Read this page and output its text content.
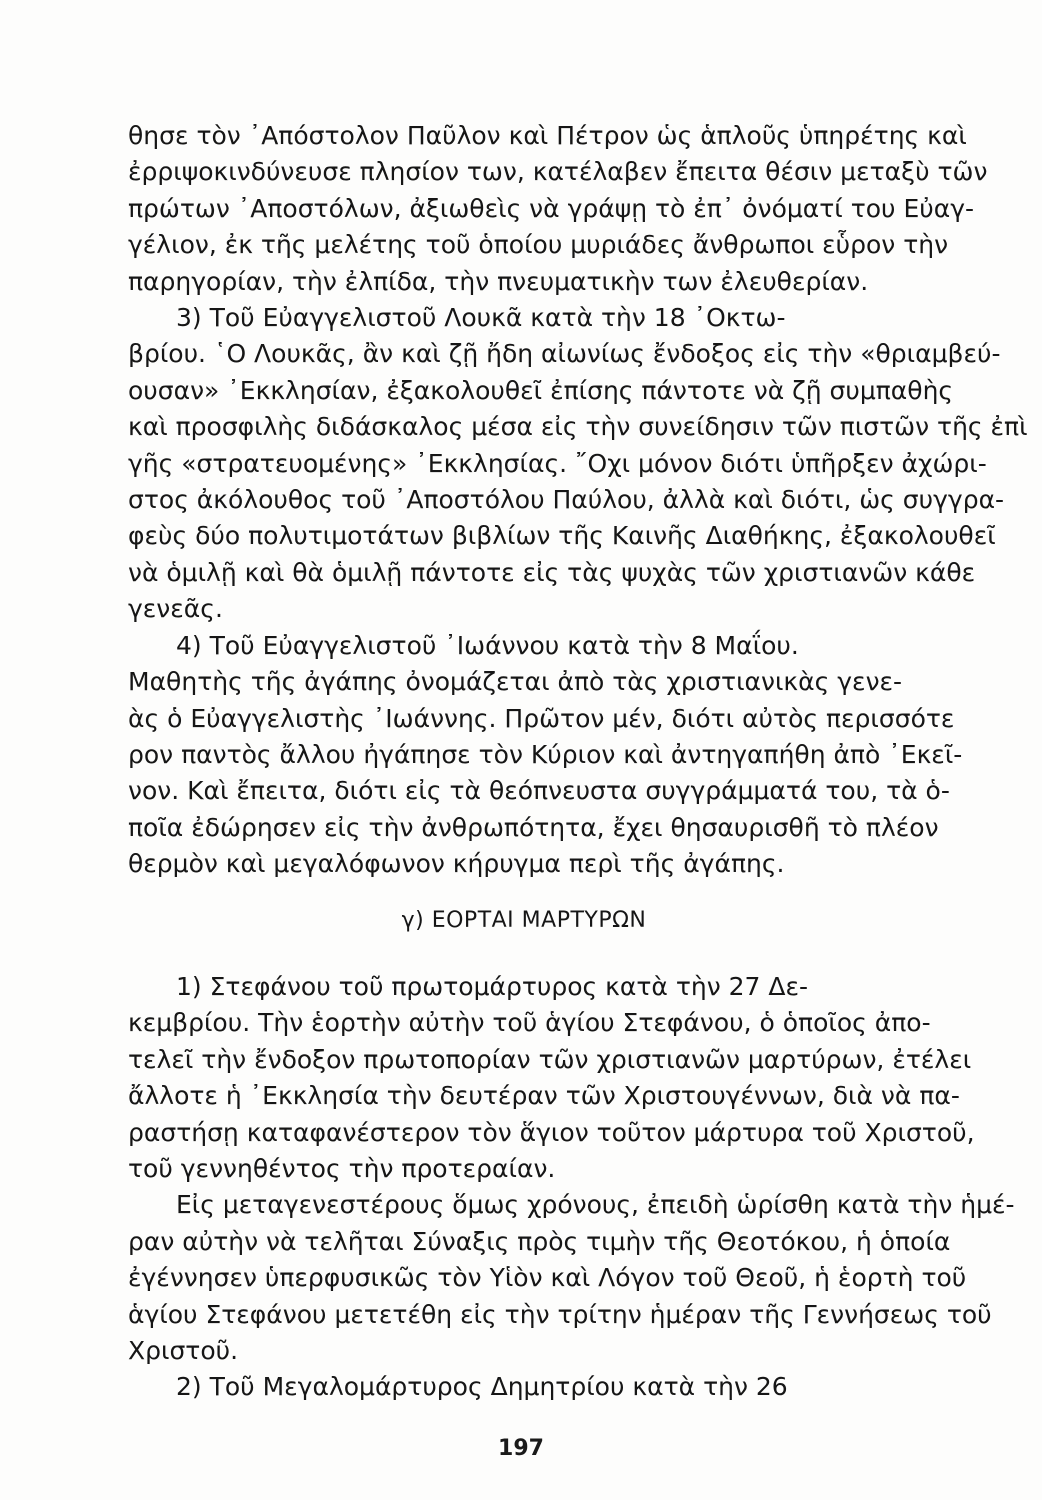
θησε τὸν ᾿Απόστολον Παῦλον καὶ Πέτρον ὡς ἁπλοῦς ὑπηρέτης καὶ
ἐρριψοκινδύνευσε πλησίον των, κατέλαβεν ἔπειτα θέσιν μεταξὺ τῶν
πρώτων ᾿Αποστόλων, ἀξιωθεὶς νὰ γράψῃ τὸ ἐπ᾿ ὀνόματί του Εὐαγ-
γέλιον, ἐκ τῆς μελέτης τοῦ ὁποίου μυριάδες ἄνθρωποι εὗρον τὴν
παρηγορίαν, τὴν ἐλπίδα, τὴν πνευματικὴν των ἐλευθερίαν.
3) Τοῦ Εὐαγγελιστοῦ Λουκᾶ κατὰ τὴν 18 ᾿Οκτω-
βρίου. ῾Ο Λουκᾶς, ἂν καὶ ζῇ ἤδη αἰωνίως ἔνδοξος εἰς τὴν «θριαμβεύ-
ουσαν» ᾿Εκκλησίαν, ἐξακολουθεῖ ἐπίσης πάντοτε νὰ ζῇ συμπαθὴς
καὶ προσφιλὴς διδάσκαλος μέσα εἰς τὴν συνείδησιν τῶν πιστῶν τῆς ἐπὶ
γῆς «στρατευομένης» ᾿Εκκλησίας. ῎Οχι μόνον διότι ὑπῆρξεν ἀχώρι-
στος ἀκόλουθος τοῦ ᾿Αποστόλου Παύλου, ἀλλὰ καὶ διότι, ὡς συγγρα-
φεὺς δύο πολυτιμοτάτων βιβλίων τῆς Καινῆς Διαθήκης, ἐξακολουθεῖ
νὰ ὁμιλῇ καὶ θὰ ὁμιλῇ πάντοτε εἰς τὰς ψυχὰς τῶν χριστιανῶν κάθε
γενεᾶς.
4) Τοῦ Εὐαγγελιστοῦ ᾿Ιωάννου κατὰ τὴν 8 Μαΐου.
Μαθητὴς τῆς ἀγάπης ὀνομάζεται ἀπὸ τὰς χριστιανικὰς γενε-
ὰς ὁ Εὐαγγελιστὴς ᾿Ιωάννης. Πρῶτον μέν, διότι αὐτὸς περισσότε
ρον παντὸς ἄλλου ἠγάπησε τὸν Κύριον καὶ ἀντηγαπήθη ἀπὸ ᾿Εκεῖ-
νον. Καὶ ἔπειτα, διότι εἰς τὰ θεόπνευστα συγγράμματά του, τὰ ὁ-
ποῖα ἐδώρησεν εἰς τὴν ἀνθρωπότητα, ἔχει θησαυρισθῆ τὸ πλέον
θερμὸν καὶ μεγαλόφωνον κήρυγμα περὶ τῆς ἀγάπης.
γ) ΕΟΡΤΑΙ ΜΑΡΤΥΡΩΝ
1) Στεφάνου τοῦ πρωτομάρτυρος κατὰ τὴν 27 Δε-
κεμβρίου. Τὴν ἑορτὴν αὐτὴν τοῦ ἁγίου Στεφάνου, ὁ ὁποῖος ἀπο-
τελεῖ τὴν ἔνδοξον πρωτοπορίαν τῶν χριστιανῶν μαρτύρων, ἐτέλει
ἄλλοτε ἡ ᾿Εκκλησία τὴν δευτέραν τῶν Χριστουγέννων, διὰ νὰ πα-
ραστήσῃ καταφανέστερον τὸν ἅγιον τοῦτον μάρτυρα τοῦ Χριστοῦ,
τοῦ γεννηθέντος τὴν προτεραίαν.
Εἰς μεταγενεστέρους ὅμως χρόνους, ἐπειδὴ ὡρίσθη κατὰ τὴν ἡμέ-
ραν αὐτὴν νὰ τελῆται Σύναξις πρὸς τιμὴν τῆς Θεοτόκου, ἡ ὁποία
ἐγέννησεν ὑπερφυσικῶς τὸν Υἱὸν καὶ Λόγον τοῦ Θεοῦ, ἡ ἑορτὴ τοῦ
ἁγίου Στεφάνου μετετέθη εἰς τὴν τρίτην ἡμέραν τῆς Γεννήσεως τοῦ
Χριστοῦ.
2) Τοῦ Μεγαλομάρτυρος Δημητρίου κατὰ τὴν 26
197
